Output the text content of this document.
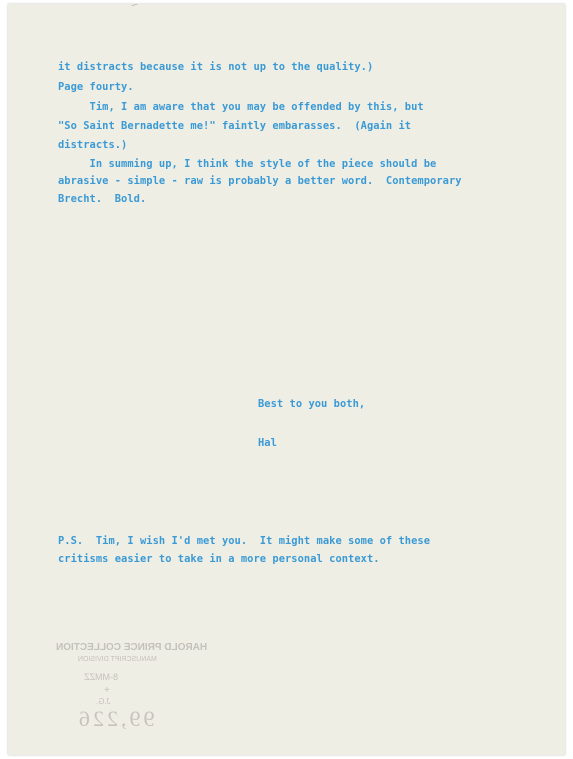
it distracts because it is not up to the quality.)
Page fourty.
Tim, I am aware that you may be offended by this, but
"So Saint Bernadette me!" faintly embarasses.  (Again it
distracts.)
In summing up, I think the style of the piece should be
abrasive - simple - raw is probably a better word.  Contemporary
Brecht.  Bold.
Best to you both,
Hal
P.S.  Tim, I wish I'd met you.  It might make some of these
critisms easier to take in a more personal context.
HAROLD PRINCE COLLECTION
MANUSCRIPT DIVISION
8-MMZZ
+
J.G.
99,226
